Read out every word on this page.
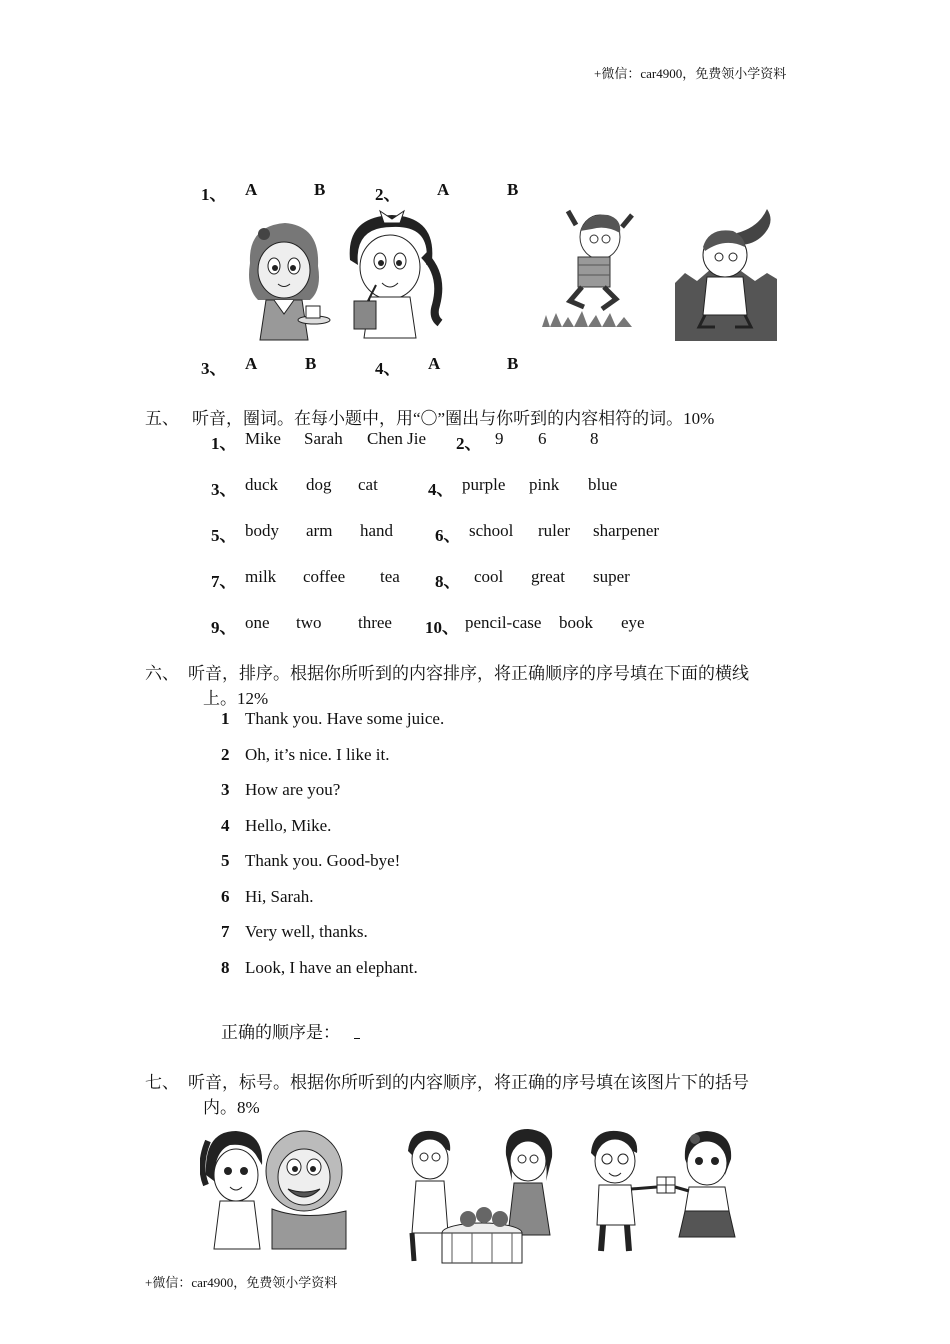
+微信：car4900，免费领小学资料
+微信：car4900，免费领小学资料
1、 A	B	2、 A	B
3、 A	B	4、 A	B
五、 听音，圈词。在每小题中，用“〇”圈出与你听到的内容相符的词。10%
1、 Mike Sarah Chen Jie 2、 9 6	8
3、 duck dog cat	4、 purple pink blue
5、 body arm hand 6、 school ruler sharpener
7、 milk coffee tea 8、 cool great super
9、 one two three 10、 pencil-case book eye
六、 听音，排序。根据你所听到的内容排序，将正确顺序的序号填在下面的横线
上。12%
1 Thank you. Have some juice.
2 Oh, it’s nice. I like it.
3 How are you?
4 Hello, Mike.
5 Thank you. Good-bye!
6 Hi, Sarah.
7 Very well, thanks.
8 Look, I have an elephant.
正确的顺序是：
七、 听音，标号。根据你所听到的内容顺序，将正确的序号填在该图片下的括号
内。8%
